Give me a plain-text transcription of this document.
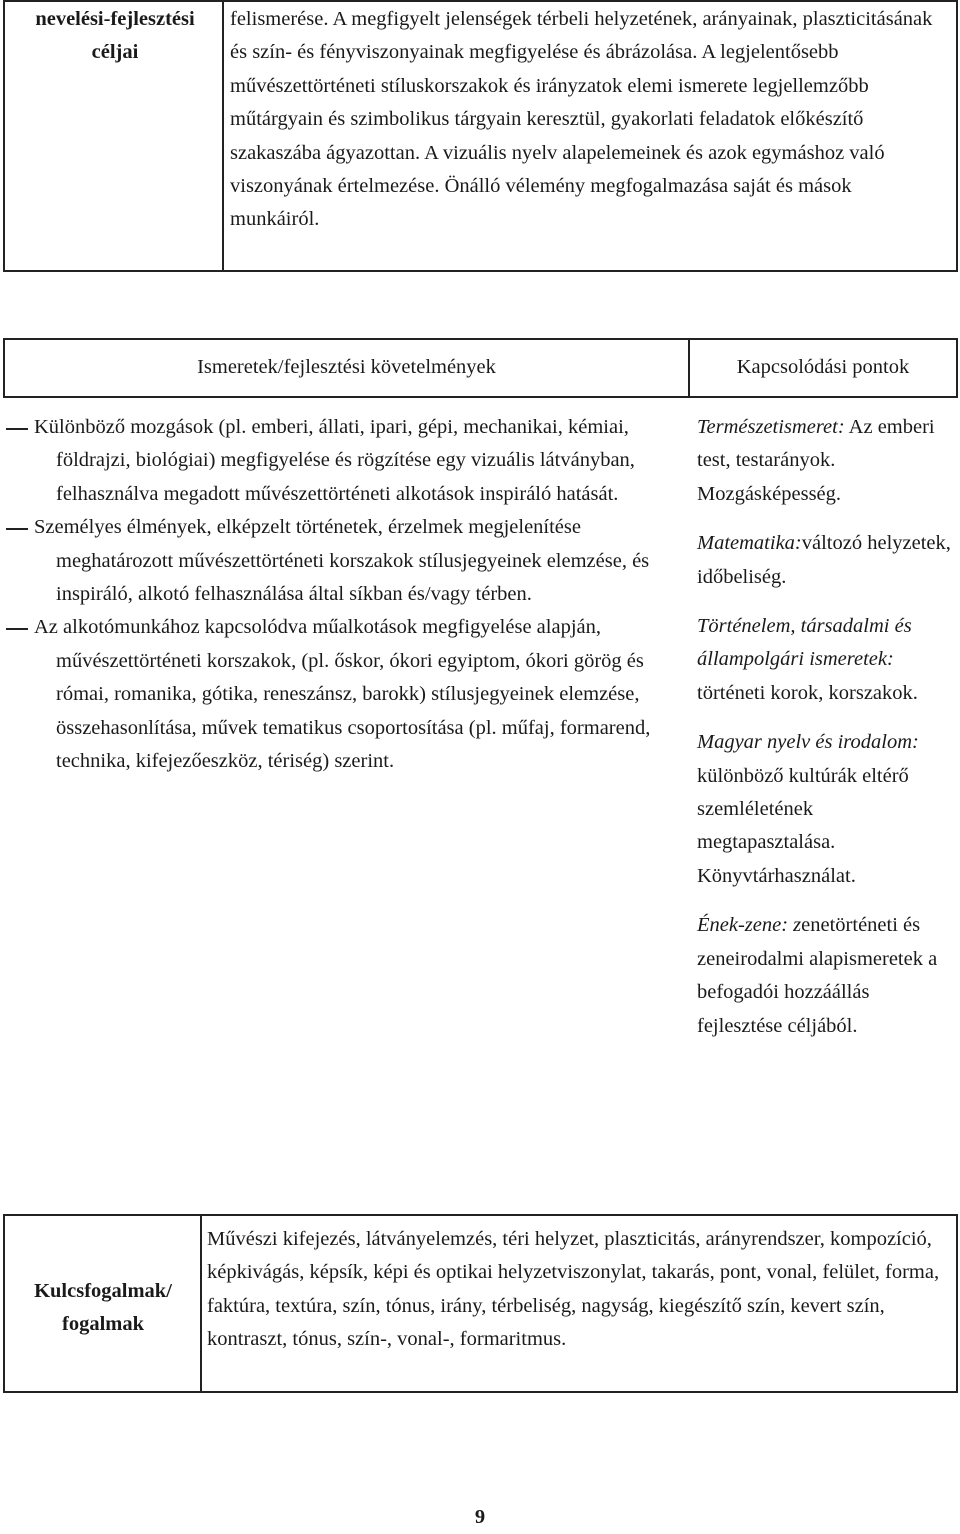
nevelési-fejlesztési céljai

felismerése. A megfigyelt jelenségek térbeli helyzetének, arányainak, plaszticitásának és szín- és fényviszonyainak megfigyelése és ábrázolása. A legjelentősebb művészettörténeti stíluskorszakok és irányzatok elemi ismerete legjellemzőbb műtárgyain és szimbolikus tárgyain keresztül, gyakorlati feladatok előkészítő szakaszába ágyazottan. A vizuális nyelv alapelemeinek és azok egymáshoz való viszonyának értelmezése. Önálló vélemény megfogalmazása saját és mások munkáiról.

Ismeretek/fejlesztési követelmények	Kapcsolódási pontok
Különböző mozgások (pl. emberi, állati, ipari, gépi, mechanikai, kémiai, földrajzi, biológiai) megfigyelése és rögzítése egy vizuális látványban, felhasználva megadott művészettörténeti alkotások inspiráló hatását.
Személyes élmények, elképzelt történetek, érzelmek megjelenítése meghatározott művészettörténeti korszakok stílusjegyeinek elemzése, és inspiráló, alkotó felhasználása által síkban és/vagy térben.
Az alkotómunkához kapcsolódva műalkotások megfigyelése alapján, művészettörténeti korszakok, (pl. őskor, ókori egyiptom, ókori görög és római, romanika, gótika, reneszánsz, barokk) stílusjegyeinek elemzése, összehasonlítása, művek tematikus csoportosítása (pl. műfaj, formarend, technika, kifejezőeszköz, tériség) szerint.

Természetismeret: Az emberi test, testarányok. Mozgásképesség.

Matematika:változó helyzetek, időbeliség.

Történelem, társadalmi és állampolgári ismeretek: történeti korok, korszakok.

Magyar nyelv és irodalom: különböző kultúrák eltérő szemléletének megtapasztalása. Könyvtárhasználat.

Ének-zene: zenetörténeti és zeneirodalmi alapismeretek a befogadói hozzáállás fejlesztése céljából.

Kulcsfogalmak/ fogalmak

Művészi kifejezés, látványelemzés, téri helyzet, plaszticitás, arányrendszer, kompozíció, képkivágás, képsík, képi és optikai helyzetviszonylat, takarás, pont, vonal, felület, forma, faktúra, textúra, szín, tónus, irány, térbeliség, nagyság, kiegészítő szín, kevert szín, kontraszt, tónus, szín-, vonal-, formaritmus.

9
